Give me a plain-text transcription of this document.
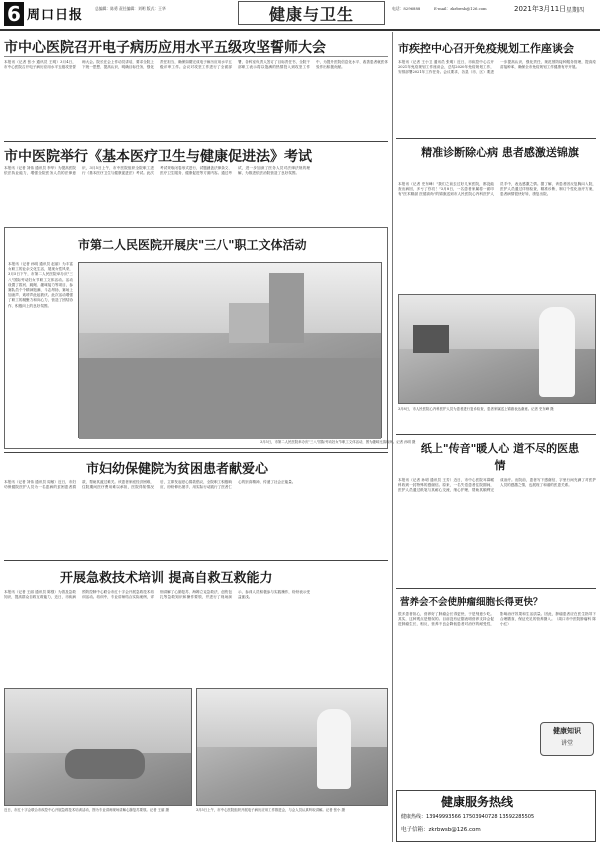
6 周口日报	总编辑：陈勇 责任编辑：刘明 版式：王华	健康与卫生	电话：8296888	E-mail：zkrbwsb@126.com	2021年3月11日 星期四
市中心医院召开电子病历应用水平五级攻坚誓师大会
本报讯（记者 张小 通讯员 王明）3月4日，市中心医院召开电子病历应用水平五级攻坚誓师大会。院长在会上作动员讲话，要求全院上下统一思想、提高认识，明确目标任务，强化责任担当，确保如期完成电子病历应用水平五级评审工作。会议对攻坚工作进行了全面部署，各科室负责人签订了目标责任书，全院干部职工表示将以饱满的热情投入到攻坚工作中，为提升医院信息化水平、改善患者就医体验作出积极贡献。
市中医院举行《基本医疗卫生与健康促进法》考试
本报讯（记者 刘伟 通讯员 李华）为提高医院依法执业能力，增强全院医务人员的法律意识，3月5日上午，市中医院组织全院职工进行《基本医疗卫生与健康促进法》考试。此次考试采取闭卷形式进行，试题涵盖法律条文、医疗卫生服务、健康促进等方面内容。通过考试，进一步加深了医务人员对法律法规的理解，为推进依法治院营造了良好氛围。
市第二人民医院开展庆"三八"职工文体活动
本报讯（记者 孙明 通讯员 赵丽）为丰富女职工的业余文化生活，展现女性风采，3月5日下午，市第二人民医院举办庆"三八"国际劳动妇女节职工文体活动。活动设置了拔河、跳绳、趣味接力等项目，参赛队员个个精神饱满、斗志昂扬，赛场上加油声、欢呼声此起彼伏。此次活动增强了职工的凝聚力和向心力，营造了团结协作、积极向上的良好氛围。
3月5日，市第二人民医院举办庆"三八"国际劳动妇女节职工文体活动，图为趣味比赛现场。记者 孙明 摄
市妇幼保健院为贫困患者献爱心
本报讯（记者 刘伟 通讯员 周敏）近日，市妇幼保健院医护人员为一名患病的贫困患者捐款，帮助其渡过难关。该患者家庭经济困难，住院期间医疗费用难以承担，医院得知情况后，立即发起爱心捐款倡议，全院职工积极响应，纷纷伸出援手，用实际行动践行了医者仁心的崇高精神，传递了社会正能量。
开展急救技术培训 提高自救互救能力
本报讯（记者 王丽 通讯员 陈强）为普及急救知识，提高群众自救互救能力，近日，市疾病预防控制中心联合市红十字会开展急救技术培训活动。培训中，专业讲师结合实际案例，详细讲解了心肺复苏、海姆立克急救法、创伤包扎等急救知识和操作要领，并进行了现场演示，参训人员积极参与实践操作，纷纷表示受益匪浅。
近日，市红十字会联合市疾控中心开展急救技术培训活动，图为专业讲师现场讲解心肺复苏要领。记者 王丽 摄	3月5日上午，市中心医院组织开展电子病历应用工作推进会，与会人员认真听取讲解。记者 张小 摄
市疾控中心召开免疫规划工作座谈会
本报讯（记者 王小卫 通讯员 张明）近日，市疾控中心召开2021年免疫规划工作座谈会，总结2020年免疫规划工作，安排部署2021年工作任务。会议要求，各县（市、区）要进一步提高认识，强化责任，规范预防接种服务管理，提高疫苗接种率，确保全市免疫规划工作健康有序开展。
精准诊断除心病 患者感激送锦旗
本报讯（记者 史东峰）"我们之前去过好几家医院，都没能查出病因，多亏了你们！"3月8日，一名患者家属将一面印有"医术精湛 医德高尚"的锦旗送到市人民医院心内科医护人员手中，表达感激之情。据了解，该患者因反复胸闷入院，医护人员通过详细检查，精准诊断，制订个性化治疗方案，患者病情很快好转，康复出院。
3月8日，市人民医院心内科医护人员为患者进行复诊检查，患者家属送上锦旗表达谢意。记者 史东峰 摄
纸上"传音"暖人心 道不尽的医患情
本报讯（记者 孙明 通讯员 王芳）近日，市中心医院耳鼻喉科收到一封特殊的感谢信。原来，一名失语患者住院期间，医护人员通过纸笔与其耐心交流，细心护理，帮助其顺利完成治疗。出院前，患者写下感谢信，字里行间充满了对医护人员的感激之情，也展现了和谐的医患关系。
营养会不会使肿瘤细胞长得更快？
很多患者担心，营养好了肿瘤会长得更快，于是刻意少吃。其实，这种观点是错误的。目前没有证据表明营养支持会促进肿瘤生长，相反，营养不良会降低患者对治疗的耐受性，影响治疗效果和生活质量。因此，肿瘤患者应在医生指导下合理膳食，保证充足的营养摄入。（周口市中医院肿瘤科 陈小红）
健康知识
讲堂
健康服务热线
健康热线：13949993566 17503940728 13592285505
电子信箱：zkrbwsb@126.com
